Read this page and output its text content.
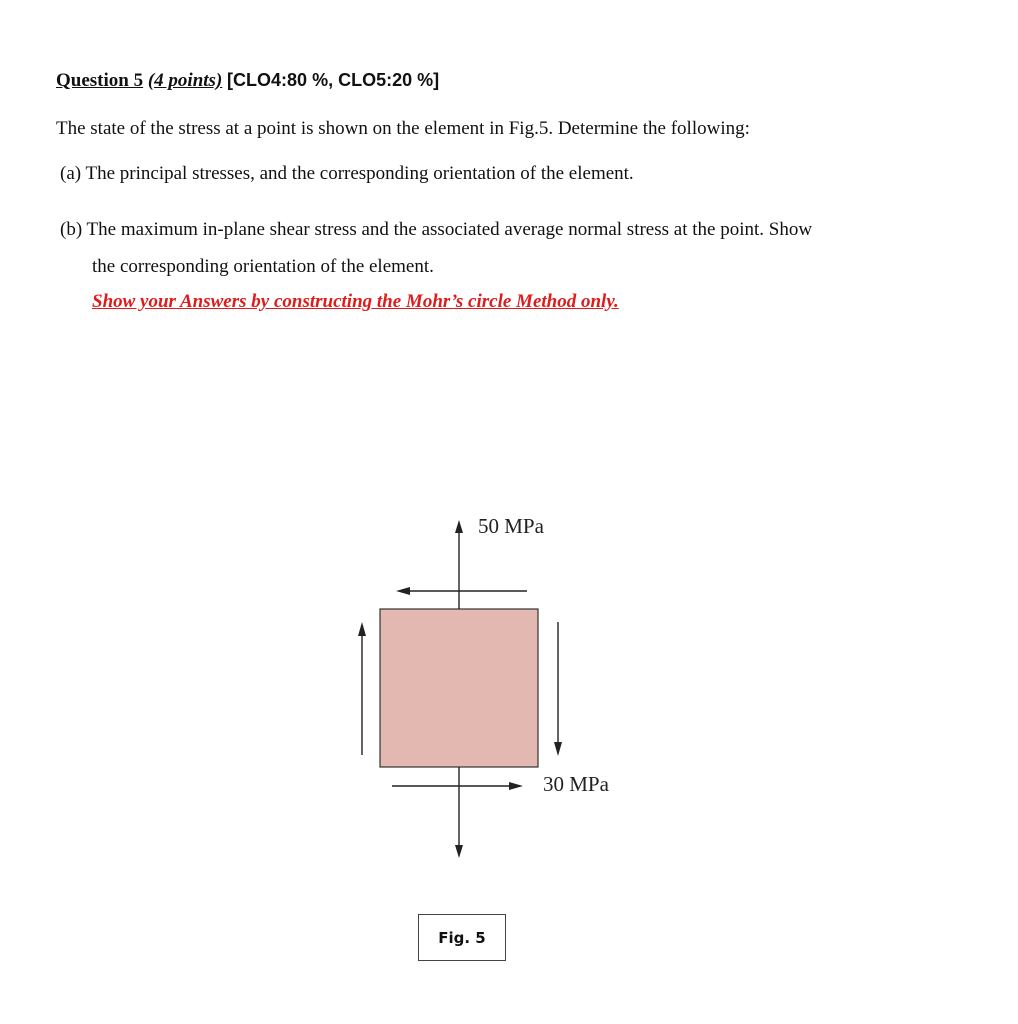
Question 5 (4 points) [CLO4:80 %, CLO5:20 %]
The state of the stress at a point is shown on the element in Fig.5. Determine the following:
(a) The principal stresses, and the corresponding orientation of the element.
(b) The maximum in-plane shear stress and the associated average normal stress at the point. Show
the corresponding orientation of the element.
Show your Answers by constructing the Mohr’s circle Method only.
50 MPa
30 MPa
Fig. 5
